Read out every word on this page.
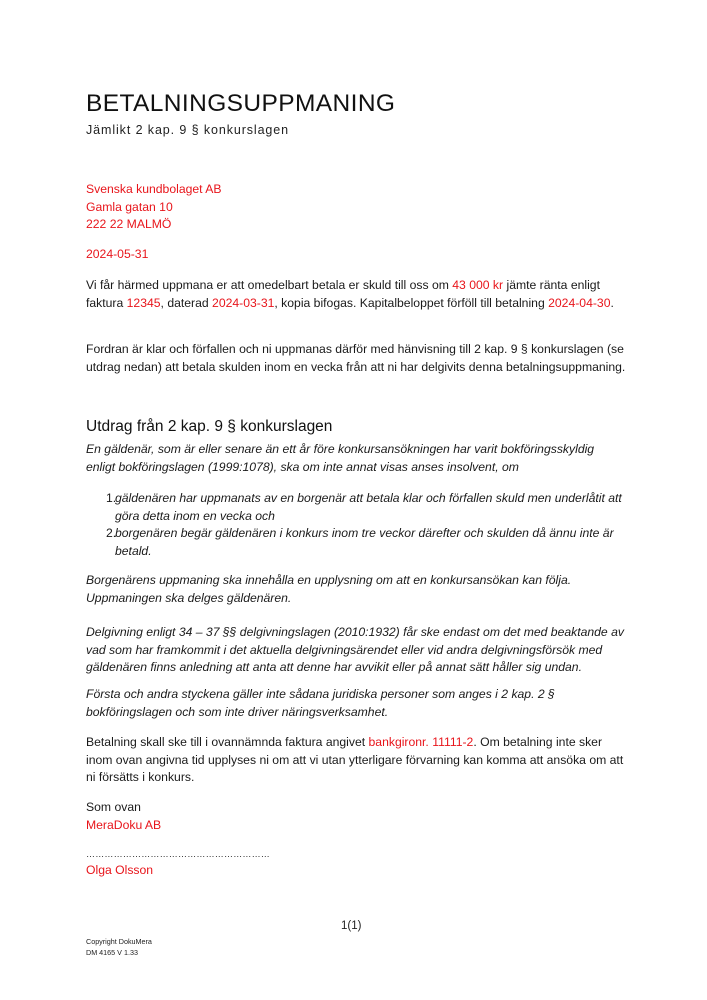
BETALNINGSUPPMANING
Jämlikt 2 kap. 9 § konkurslagen
Svenska kundbolaget AB
Gamla gatan 10
222 22 MALMÖ
2024-05-31
Vi får härmed uppmana er att omedelbart betala er skuld till oss om 43 000 kr jämte ränta enligt faktura 12345, daterad 2024-03-31, kopia bifogas. Kapitalbeloppet förföll till betalning 2024-04-30.
Fordran är klar och förfallen och ni uppmanas därför med hänvisning till 2 kap. 9 § konkurslagen (se utdrag nedan) att betala skulden inom en vecka från att ni har delgivits denna betalningsuppmaning.
Utdrag från 2 kap. 9 § konkurslagen
En gäldenär, som är eller senare än ett år före konkursansökningen har varit bokföringsskyldig enligt bokföringslagen (1999:1078), ska om inte annat visas anses insolvent, om
1.
gäldenären har uppmanats av en borgenär att betala klar och förfallen skuld men underlåtit att göra detta inom en vecka och
2.
borgenären begär gäldenären i konkurs inom tre veckor därefter och skulden då ännu inte är betald.
Borgenärens uppmaning ska innehålla en upplysning om att en konkursansökan kan följa. Uppmaningen ska delges gäldenären.
Delgivning enligt 34 – 37 §§ delgivningslagen (2010:1932) får ske endast om det med beaktande av vad som har framkommit i det aktuella delgivningsärendet eller vid andra delgivningsförsök med gäldenären finns anledning att anta att denne har avvikit eller på annat sätt håller sig undan.
Första och andra styckena gäller inte sådana juridiska personer som anges i 2 kap. 2 § bokföringslagen och som inte driver näringsverksamhet.
Betalning skall ske till i ovannämnda faktura angivet bankgironr. 11111-2. Om betalning inte sker inom ovan angivna tid upplyses ni om att vi utan ytterligare förvarning kan komma att ansöka om att ni försätts i konkurs.
Som ovan
MeraDoku AB
……………………………………………………
Olga Olsson
1(1)
Copyright DokuMera
DM 4165 V 1.33
